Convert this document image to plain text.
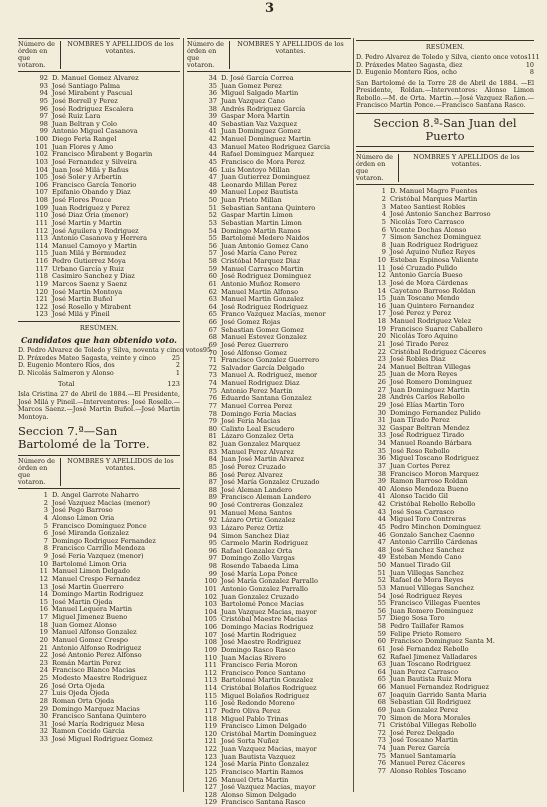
3
Número de órden en que votaron.
NOMBRES Y APELLIDOS de los votantes.
92 D. Manuel Gomez Alvarez
93 José Santiago Palma
94 José Mirabent y Pascual
95 José Borrell y Perez
96 José Rodriguez Escalera
97 José Ruiz Lara
98 Juan Beltran y Colo
99 Antonio Miguel Casanova
100 Diego Feria Rangel
101 Juan Flores y Amo
102 Francisco Mirabent y Bogarin
103 José Fernandez y Silveira
104 Juan José Milá y Bañus
105 José Soler y Arbertin
106 Francisco García Tenorio
107 Epifanio Obando y Diaz
108 José Flores Pouce
109 Juan Rodriguez y Perez
110 José Diaz Oria (menor)
111 José Martin y Martin
112 José Aguilera y Rodriguez
113 Antonio Casanova y Herrera
114 Manuel Camoyo y Martin
115 Juan Milá y Bermudez
116 Pedro Gutierrez Moya
117 Urbano García y Ruiz
118 Casimiro Sanchez y Diaz
119 Marcos Saenz y Saenz
120 José Martin Montoya
121 José Martin Buñol
122 José Rosello y Mirabent
123 José Milá y Pineil
RESÚMEN.
Candidatos que han obtenido voto.
D. Pedro Alvarez de Toledo y Silva, noventa y cinco votos 95
D. Práxedes Mateo Sagasta, veinte y cinco	25
D. Eugenio Montero Rios, dos	2
D. Nicolás Salmeron y Alonso	1
Total	123
Isla Cristina 27 de Abril de 1884.—El Presidente, José Milá y Pineil.—Interventores: José Rosello.—Marcos Saenz.—José Martin Buñol.—José Martin Montoya.
Seccion 7.ª—San Bartolomé de la Torre.
Número de órden en que votaron.
NOMBRES Y APELLIDOS de los votantes.
1 D. Angel Garrote Naharro
2 José Vazquez Macias (menor)
3 José Pego Barroso
4 Alonso Limon Oria
5 Francisco Dominguez Ponce
6 José Miranda Gonzalez
7 Domingo Rodriguez Fernandez
8 Francisco Carrillo Mendoza
9 José Feria Vazquez (menor)
10 Bartolomé Limon Oria
11 Manuel Limon Delgado
12 Manuel Crespo Fernandez
13 José Martin Guerrero
14 Domingo Martin Rodriguez
15 José Martin Ojeda
16 Manuel Lequera Martin
17 Miguel Jimenez Bueno
18 Juan Gomez Alonso
19 Manuel Alfonso Gonzalez
20 Manuel Gomez Crespo
21 Antonio Alfonso Rodriguez
22 José Antonio Perez Alfonso
23 Román Martin Perez
24 Francisco Blanco Macias
25 Modesto Maestre Rodriguez
26 José Orta Ojeda
27 Luis Ojeda Ojeda
28 Roman Orta Ojeda
29 Domingo Marquez Macias
30 Francisco Santana Quintero
31 José María Rodriguez Mesa
32 Ramon Cocido Garcia
33 José Miguel Rodriguez Gomez
Número de órden en que votaron.
NOMBRES Y APELLIDOS de los votantes.
34 D. José García Correa
35 Juan Gomez Perez
36 Miguel Salgado Martin
37 Juan Vazquez Cano
38 Andrés Rodriguez García
39 Gaspar Mora Martin
40 Sebastian Vaz Vazquez
41 Juan Dominguez Gomez
42 Manuel Dominguez Martin
43 Manuel Mateo Rodriguez Garcia
44 Rafael Dominguez Marquez
45 Francisco de Mora Perez
46 Luis Montoyo Millan
47 Juan Gutierrez Dominguez
48 Leonardo Millan Perez
49 Manuel Lopez Bautista
50 Juan Prieto Millan
51 Sebastian Santana Quintero
52 Gaspar Martin Limon
53 Sebastian Martin Limon
54 Domingo Martin Ramos
55 Bartolomé Medero Naidos
56 Juan Antonio Gomez Cano
57 José María Cano Perez
58 Cristóbal Marquez Diaz
59 Manuel Carrasco Martin
60 José Rodriguez Dominguez
61 Antonio Muñoz Romero
62 Manuel Martin Alfonso
63 Manuel Martin Gonzalez
64 José Rodriguez Rodriguez
65 Franco Vazquez Macias, menor
66 José Gomez Rojas
67 Sebastian Gomez Gomez
68 Manuel Estevez Gonzalez
69 José Perez Guerrero
70 José Alfonso Gomez
71 Francisco Gonzalez Guerrero
72 Salvador García Delgado
73 Manuel A. Rodriguez, menor
74 Manuel Rodriguez Diaz
75 Antonio Perez Martin
76 Eduardo Santana Gonzalez
77 Manuel Correa Perez
78 Domingo Feria Macias
79 José Feria Macias
80 Calixto Leal Escudero
81 Lázaro Gonzalez Orta
82 Juan Gonzalez Marquez
83 Manuel Perez Alvarez
84 Juan José Martin Alvarez
85 José Perez Cruzado
86 José Perez Alvarez
87 José María Gonzalez Cruzado
88 José Aleman Landero
89 Francisco Aleman Landero
90 José Contreras Gonzalez
91 Manuel Mena Santos
92 Lázaro Ortiz Gonzalez
93 Lázaro Perez Ortiz
94 Simon Sanchez Diaz
95 Carmelo Marin Rodriguez
96 Rafael Gonzalez Orta
97 Domingo Zollo Vargas
98 Rosendo Tabaeda Lima
99 José María Lopa Ponce
100 José María Gonzalez Parrallo
101 Antonio Gonzalez Parrallo
102 Juan Gonzalez Cruzado
103 Bartolomé Ponce Macias
104 Juan Vazquez Macias, mayor
105 Cristóbal Maestre Macias
106 Domingo Macias Rodriguez
107 José Martin Rodriguez
108 José Maestre Rodriguez
109 Domingo Rasco Rasco
110 Juan Macias Rivero
111 Francisco Feria Moron
112 Francisco Ponce Santano
113 Bartolomé Martin Gonzalez
114 Cristóbal Bolaños Rodriguez
115 Miguel Bolaños Rodriguez
116 José Redondo Moreno
117 Pedro Oliva Perez
118 Miguel Pablo Trinas
119 Francisco Limon Delgado
120 Cristóbal Martin Dominguez
121 José Sorta Nuñez
122 Juan Vazquez Macias, mayor
123 Juan Bautista Vazquez
124 José María Pinto Gonzalez
125 Francisco Martin Ramos
126 Manuel Orta Martin
127 José Vazquez Macias, mayor
128 Alonso Simon Delgado
129 Francisco Santana Rasco
RESÚMEN.
D. Pedro Alvarez de Toledo y Silva, ciento once votos 111
D. Práxedes Mateo Sagasta, diez	10
D. Eugenio Montero Rios, ocho	8
San Bartolomé de la Torre 28 de Abril de 1884. —El Presidente, Roldan.—Interventores: Alonso Limon Rebollo.—M. de Orta. Martin.—José Vazquez Rañon.—Francisco Martin Ponce.—Francisco Santana Rasco.
Seccion 8.ª-San Juan del Puerto
Número de órden en que votaron.
NOMBRES Y APELLIDOS de los votantes.
1 D. Manuel Magro Fuentes
2 Cristóbal Marques Martin
3 Mateo Santiest Robles
4 José Antonio Sanchez Barroso
5 Nicolás Toro Carrasco
6 Vicente Dochas Alonso
7 Simon Sanchez Dominguez
8 Juan Rodriguez Rodriguez
9 José Aquino Nuñez Reyes
10 Esteban Espinosa Valiente
11 José Cruzado Pulido
12 Antonio García Bueso
13 José de Mora Cárdenas
14 Cayetano Barroso Roldan
15 Juan Toscano Mendo
16 Juan Quintero Fernandez
17 José Perez y Perez
18 Manuel Rodriguez Velez
19 Francisco Suarez Caballero
20 Nicolás Toro Aquino
21 José Tirado Perez
22 Cristóbal Rodriguez Cáceres
23 José Robles Diaz
24 Manuel Beltran Villegas
25 Juan de Mora Reyes
26 José Romero Dominguez
27 Juan Dominguez Martin
28 Andrés Carlos Rebollo
29 José Elías Martin Toro
30 Domingo Fernandez Pulido
31 Juan Tirado Perez
32 Gaspar Beltran Mendez
33 José Rodriguez Tirado
34 Manuel Roando Bárbara
35 José Roso Rebollo
36 Miguel Toscano Rodriguez
37 Juan Cortes Perez
38 Francisco Moron Marquez
39 Ramon Barroso Roldan
40 Alonso Mendoza Bueno
41 Alonso Tacido Gil
42 Cristóbal Rebollo Rebollo
43 José Sosa Carrasco
44 Miguel Toro Contreras
45 Pedro Minchon Dominguez
46 Gonzalo Sanchez Caenno
47 Antonio Carrillo Cárdenas
48 José Sanchez Sanchez
49 Esteban Mendo Cano
50 Manuel Tirado Gil
51 Juan Villegas Sanchez
52 Rafael de Mora Reyes
53 Manuel Villegas Sanchez
54 José Rodriguez Reyes
55 Francisco Villegas Fuentes
56 Juan Romero Dominguez
57 Diego Sosa Toro
58 Pedro Taillafer Ramos
59 Felipe Prieto Romero
60 Francisco Dominguez Santa M.
61 José Fernandez Rebollo
62 Rafael Jimenez Valladares
63 Juan Toscano Rodriguez
64 Juan Perez Carrasco
65 Juan Bautista Ruiz Mora
66 Manuel Fernandez Rodriguez
67 Joaquin Garrido Santa Maria
68 Sebastian Gil Rodriguez
69 Juan Gonzalez Perez
70 Simon de Mora Morales
71 Cristóbal Villegas Rebollo
72 José Perez Delgado
73 José Toscano Martin
74 Juan Perez García
75 Manuel Santamaría
76 Manuel Perez Cáceres
77 Alonso Robles Toscano
